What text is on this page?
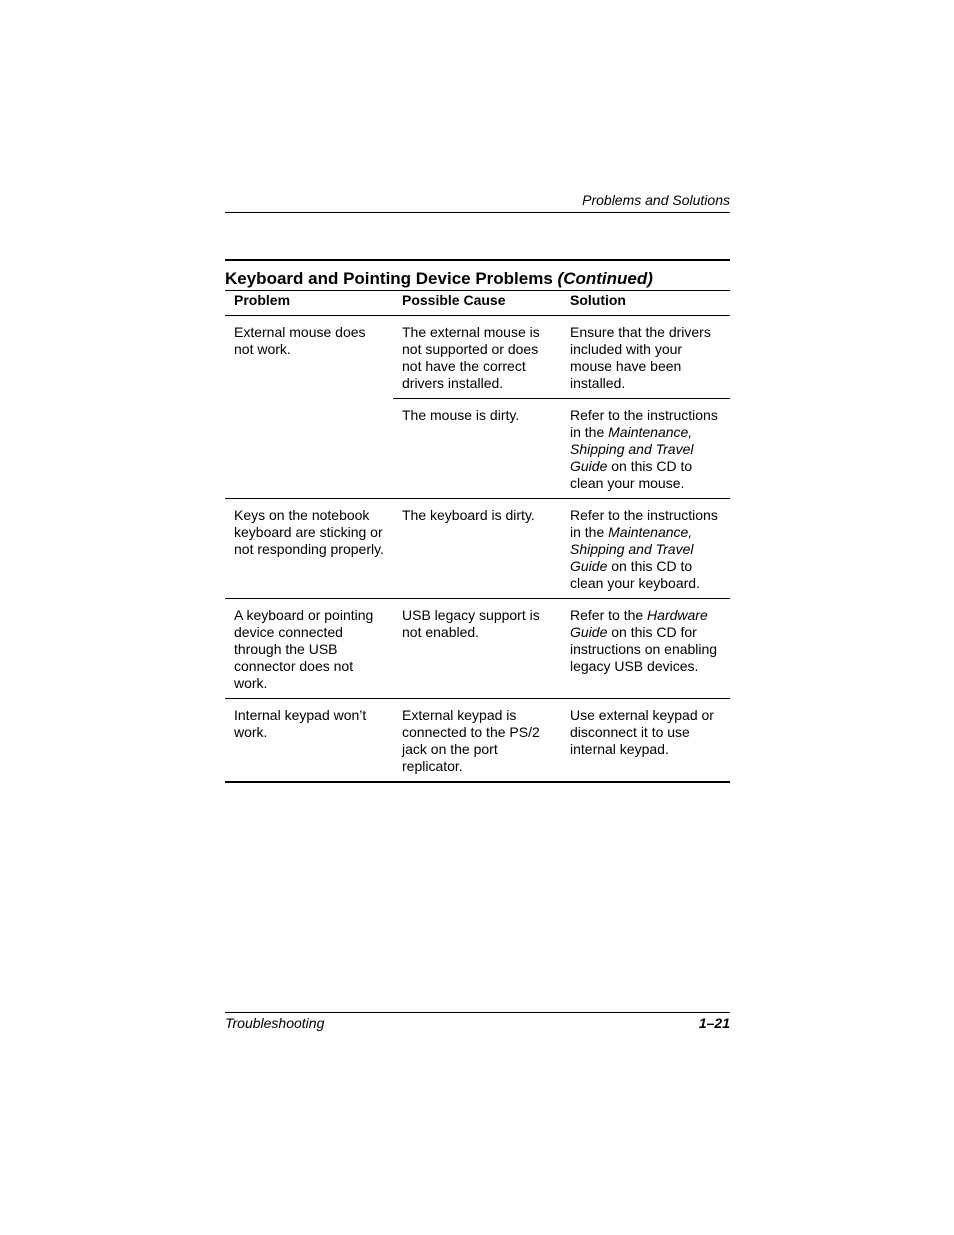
Problems and Solutions
Keyboard and Pointing Device Problems (Continued)
Problem	Possible Cause	Solution
External mouse does not work.	The external mouse is not supported or does not have the correct drivers installed.	Ensure that the drivers included with your mouse have been installed.
	The mouse is dirty.	Refer to the instructions in the Maintenance, Shipping and Travel Guide on this CD to clean your mouse.
Keys on the notebook keyboard are sticking or not responding properly.	The keyboard is dirty.	Refer to the instructions in the Maintenance, Shipping and Travel Guide on this CD to clean your keyboard.
A keyboard or pointing device connected through the USB connector does not work.	USB legacy support is not enabled.	Refer to the Hardware Guide on this CD for instructions on enabling legacy USB devices.
Internal keypad won’t work.	External keypad is connected to the PS/2 jack on the port replicator.	Use external keypad or disconnect it to use internal keypad.
Troubleshooting	1–21
